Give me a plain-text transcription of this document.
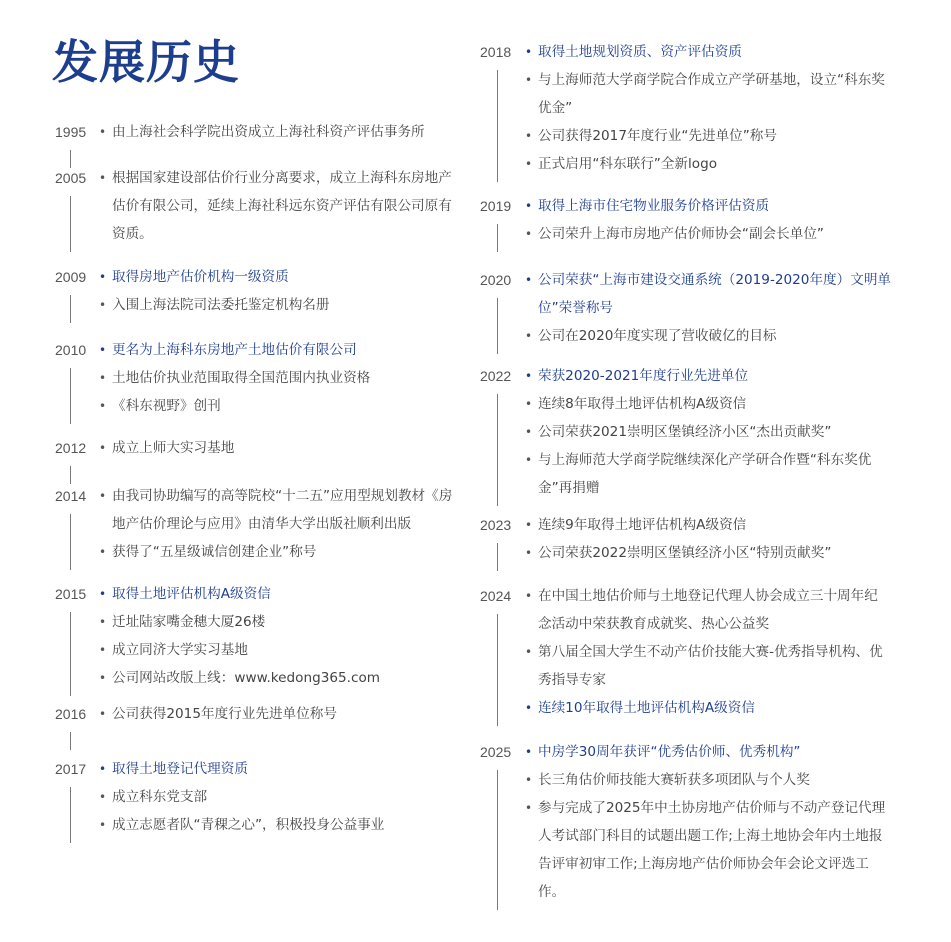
发展历史
1995	• 由上海社会科学院出资成立上海社科资产评估事务所
2005	• 根据国家建设部估价行业分离要求，成立上海科东房地产估价有限公司，延续上海社科远东资产评估有限公司原有资质。
2009	• 取得房地产估价机构一级资质
• 入围上海法院司法委托鉴定机构名册
2010	• 更名为上海科东房地产土地估价有限公司
• 土地估价执业范围取得全国范围内执业资格
• 《科东视野》创刊
2012	• 成立上师大实习基地
2014	• 由我司协助编写的高等院校“十二五”应用型规划教材《房地产估价理论与应用》由清华大学出版社顺利出版
• 获得了“五星级诚信创建企业”称号
2015	• 取得土地评估机构A级资信
• 迁址陆家嘴金穗大厦26楼
• 成立同济大学实习基地
• 公司网站改版上线：www.kedong365.com
2016	• 公司获得2015年度行业先进单位称号
2017	• 取得土地登记代理资质
• 成立科东党支部
• 成立志愿者队“青稞之心”，积极投身公益事业
2018	• 取得土地规划资质、资产评估资质
• 与上海师范大学商学院合作成立产学研基地，设立“科东奖优金”
• 公司获得2017年度行业“先进单位”称号
• 正式启用“科东联行”全新logo
2019	• 取得上海市住宅物业服务价格评估资质
• 公司荣升上海市房地产估价师协会“副会长单位”
2020	• 公司荣获“上海市建设交通系统（2019-2020年度）文明单位”荣誉称号
• 公司在2020年度实现了营收破亿的目标
2022	• 荣获2020-2021年度行业先进单位
• 连续8年取得土地评估机构A级资信
• 公司荣获2021崇明区堡镇经济小区“杰出贡献奖”
• 与上海师范大学商学院继续深化产学研合作暨“科东奖优金”再捐赠
2023	• 连续9年取得土地评估机构A级资信
• 公司荣获2022崇明区堡镇经济小区“特别贡献奖”
2024	• 在中国土地估价师与土地登记代理人协会成立三十周年纪念活动中荣获教育成就奖、热心公益奖
• 第八届全国大学生不动产估价技能大赛-优秀指导机构、优秀指导专家
• 连续10年取得土地评估机构A级资信
2025	• 中房学30周年获评“优秀估价师、优秀机构”
• 长三角估价师技能大赛斩获多项团队与个人奖
• 参与完成了2025年中土协房地产估价师与不动产登记代理人考试部门科目的试题出题工作;上海土地协会年内土地报告评审初审工作;上海房地产估价师协会年会论文评选工作。
